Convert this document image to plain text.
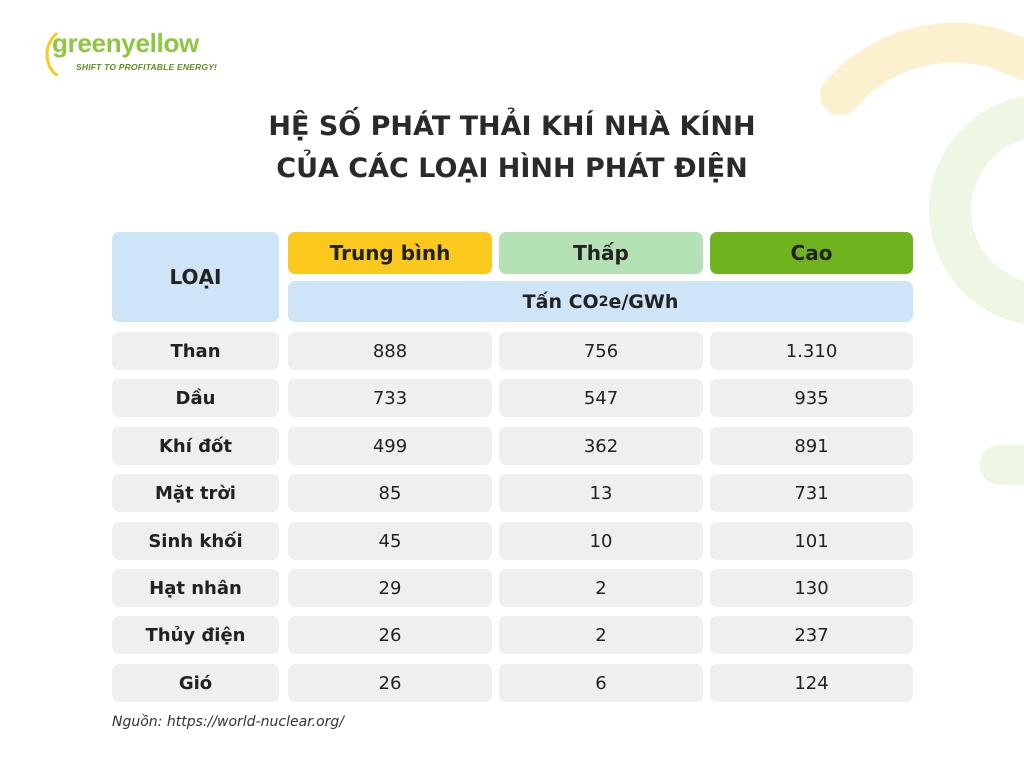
greenyellow
SHIFT TO PROFITABLE ENERGY!
HỆ SỐ PHÁT THẢI KHÍ NHÀ KÍNH
CỦA CÁC LOẠI HÌNH PHÁT ĐIỆN
LOẠI
Trung bình	Thấp	Cao
Tấn CO 2 e/GWh
Than	888	756	1.310
Dầu	733	547	935
Khí đốt	499	362	891
Mặt trời	85	13	731
Sinh khối	45	10	101
Hạt nhân	29	2	130
Thủy điện	26	2	237
Gió	26	6	124
Nguồn: https://world-nuclear.org/
